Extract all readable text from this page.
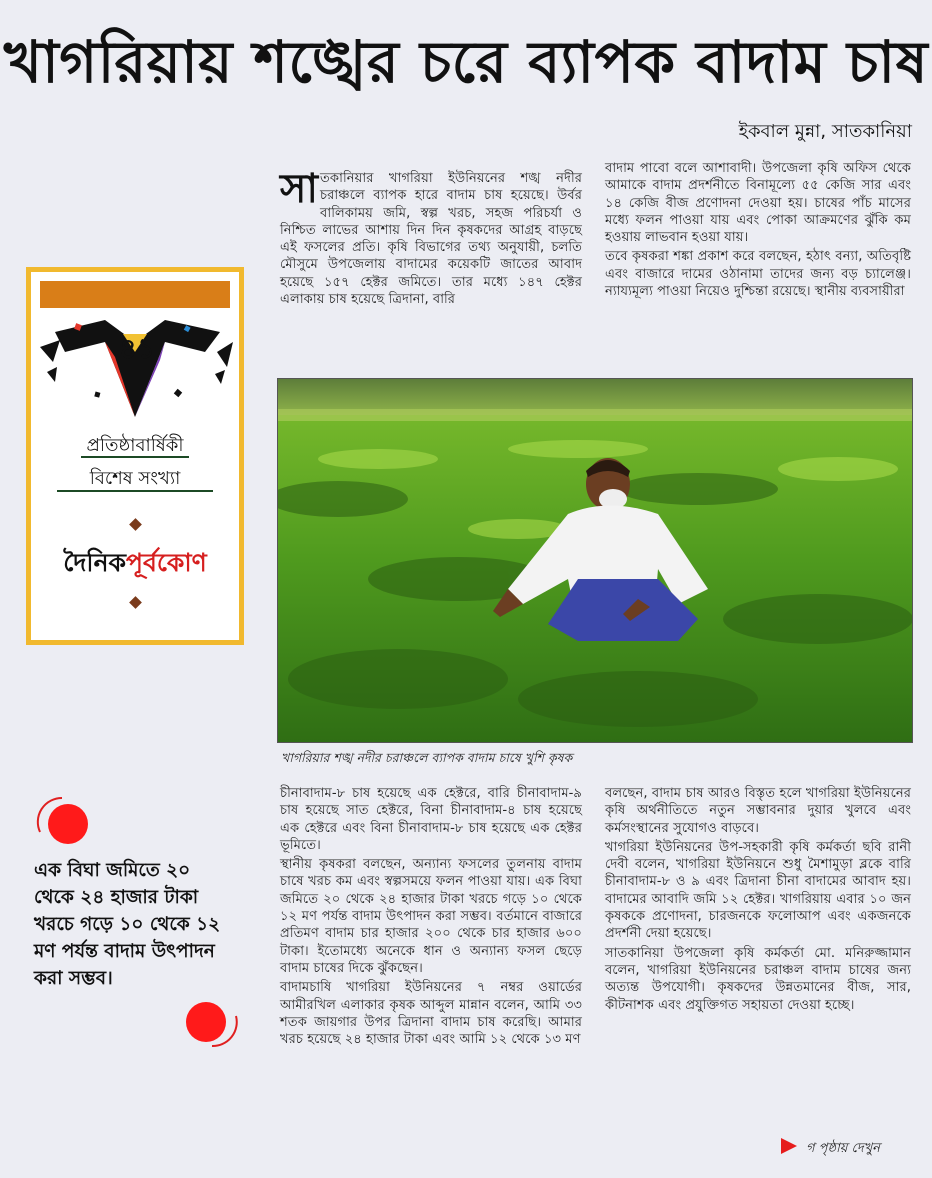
খাগরিয়ায় শঙ্খের চরে ব্যাপক বাদাম চাষ
ইকবাল মুন্না, সাতকানিয়া

সাতকানিয়ার খাগরিয়া ইউনিয়নের শঙ্খ নদীর চরাঞ্চলে ব্যাপক হারে বাদাম চাষ হয়েছে। উর্বর বালিকাময় জমি, স্বল্প খরচ, সহজ পরিচর্যা ও নিশ্চিত লাভের আশায় দিন দিন কৃষকদের আগ্রহ বাড়ছে এই ফসলের প্রতি। কৃষি বিভাগের তথ্য অনুযায়ী, চলতি মৌসুমে উপজেলায় বাদামের কয়েকটি জাতের আবাদ হয়েছে ১৫৭ হেক্টর জমিতে। তার মধ্যে ১৪৭ হেক্টর এলাকায় চাষ হয়েছে ত্রিদানা, বারি

বাদাম পাবো বলে আশাবাদী। উপজেলা কৃষি অফিস থেকে আমাকে বাদাম প্রদর্শনীতে বিনামূল্যে ৫৫ কেজি সার এবং ১৪ কেজি বীজ প্রণোদনা দেওয়া হয়। চাষের পাঁচ মাসের মধ্যে ফলন পাওয়া যায় এবং পোকা আক্রমণের ঝুঁকি কম হওয়ায় লাভবান হওয়া যায়।

তবে কৃষকরা শঙ্কা প্রকাশ করে বলছেন, হঠাৎ বন্যা, অতিবৃষ্টি এবং বাজারে দামের ওঠানামা তাদের জন্য বড় চ্যালেঞ্জ। ন্যায্যমূল্য পাওয়া নিয়েও দুশ্চিন্তা রয়েছে। স্থানীয় ব্যবসায়ীরা

খাগরিয়ার শঙ্খ নদীর চরাঞ্চলে ব্যাপক বাদাম চাষে খুশি কৃষক

চীনাবাদাম-৮ চাষ হয়েছে এক হেক্টরে, বারি চীনাবাদাম-৯ চাষ হয়েছে সাত হেক্টরে, বিনা চীনাবাদাম-৪ চাষ হয়েছে এক হেক্টরে এবং বিনা চীনাবাদাম-৮ চাষ হয়েছে এক হেক্টর ভূমিতে।

স্থানীয় কৃষকরা বলছেন, অন্যান্য ফসলের তুলনায় বাদাম চাষে খরচ কম এবং স্বল্পসময়ে ফলন পাওয়া যায়। এক বিঘা জমিতে ২০ থেকে ২৪ হাজার টাকা খরচে গড়ে ১০ থেকে ১২ মণ পর্যন্ত বাদাম উৎপাদন করা সম্ভব। বর্তমানে বাজারে প্রতিমণ বাদাম চার হাজার ২০০ থেকে চার হাজার ৬০০ টাকা। ইতোমধ্যে অনেকে ধান ও অন্যান্য ফসল ছেড়ে বাদাম চাষের দিকে ঝুঁকছেন।

বাদামচাষি খাগরিয়া ইউনিয়নের ৭ নম্বর ওয়ার্ডের আমীরখিল এলাকার কৃষক আব্দুল মান্নান বলেন, আমি ৩৩ শতক জায়গার উপর ত্রিদানা বাদাম চাষ করেছি। আমার খরচ হয়েছে ২৪ হাজার টাকা এবং আমি ১২ থেকে ১৩ মণ

বলছেন, বাদাম চাষ আরও বিস্তৃত হলে খাগরিয়া ইউনিয়নের কৃষি অর্থনীতিতে নতুন সম্ভাবনার দুয়ার খুলবে এবং কর্মসংস্থানের সুযোগও বাড়বে।

খাগরিয়া ইউনিয়নের উপ-সহকারী কৃষি কর্মকর্তা ছবি রানী দেবী বলেন, খাগরিয়া ইউনিয়নে শুধু মৈশামুড়া ব্লকে বারি চীনাবাদাম-৮ ও ৯ এবং ত্রিদানা চীনা বাদামের আবাদ হয়। বাদামের আবাদি জমি ১২ হেক্টর। খাগরিয়ায় এবার ১০ জন কৃষককে প্রণোদনা, চারজনকে ফলোআপ এবং একজনকে প্রদর্শনী দেয়া হয়েছে।

সাতকানিয়া উপজেলা কৃষি কর্মকর্তা মো. মনিরুজ্জামান বলেন, খাগরিয়া ইউনিয়নের চরাঞ্চল বাদাম চাষের জন্য অত্যন্ত উপযোগী। কৃষকদের উন্নতমানের বীজ, সার, কীটনাশক এবং প্রযুক্তিগত সহায়তা দেওয়া হচ্ছে।

৪১
প্রতিষ্ঠাবার্ষিকী
বিশেষ সংখ্যা
দৈনিকপূর্বকোণ
এক বিঘা জমিতে ২০ থেকে ২৪ হাজার টাকা খরচে গড়ে ১০ থেকে ১২ মণ পর্যন্ত বাদাম উৎপাদন করা সম্ভব।
গ পৃষ্ঠায় দেখুন
